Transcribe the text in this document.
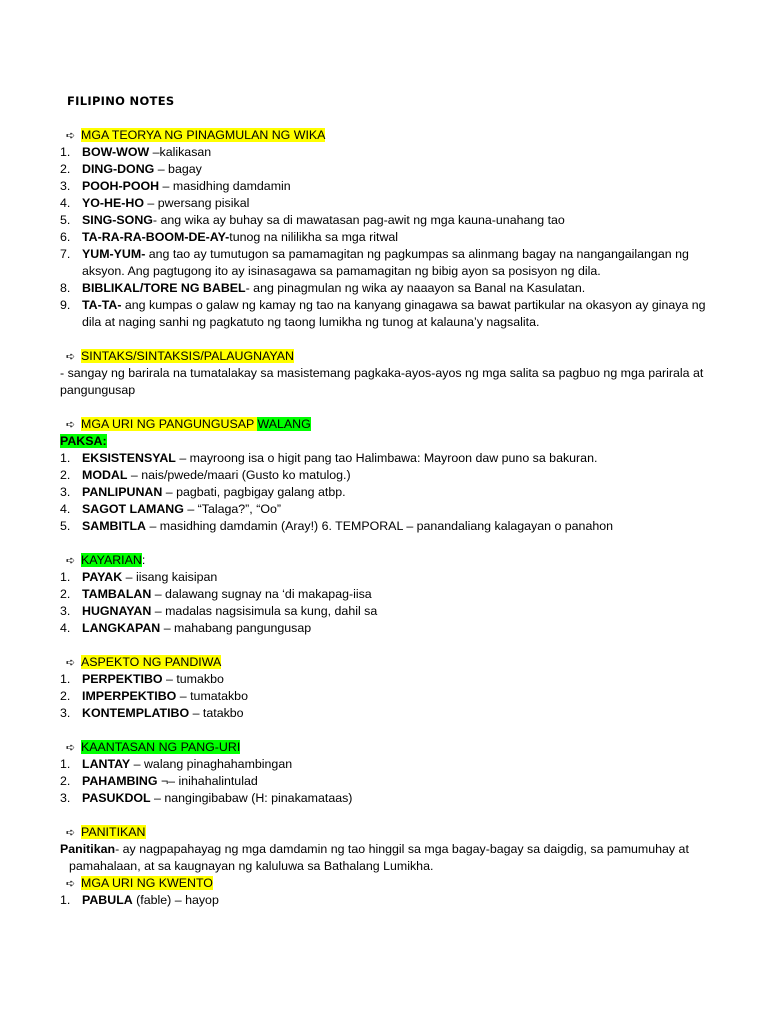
FILIPINO NOTES

➪ MGA TEORYA NG PINAGMULAN NG WIKA

1. BOW-WOW –kalikasan
2. DING-DONG – bagay
3. POOH-POOH – masidhing damdamin
4. YO-HE-HO – pwersang pisikal
5. SING-SONG- ang wika ay buhay sa di mawatasan pag-awit ng mga kauna-unahang tao
6. TA-RA-RA-BOOM-DE-AY-tunog na nililikha sa mga ritwal
7. YUM-YUM- ang tao ay tumutugon sa pamamagitan ng pagkumpas sa alinmang bagay na nangangailangan ng aksyon. Ang pagtugong ito ay isinasagawa sa pamamagitan ng bibig ayon sa posisyon ng dila.
8. BIBLIKAL/TORE NG BABEL- ang pinagmulan ng wika ay naaayon sa Banal na Kasulatan.
9. TA-TA- ang kumpas o galaw ng kamay ng tao na kanyang ginagawa sa bawat partikular na okasyon ay ginaya ng dila at naging sanhi ng pagkatuto ng taong lumikha ng tunog at kalauna’y nagsalita.

➪ SINTAKS/SINTAKSIS/PALAUGNAYAN

- sangay ng barirala na tumatalakay sa masistemang pagkaka-ayos-ayos ng mga salita sa pagbuo ng mga parirala at pangungusap

➪ MGA URI NG PANGUNGUSAP WALANG

PAKSA:

1. EKSISTENSYAL – mayroong isa o higit pang tao Halimbawa: Mayroon daw puno sa bakuran.
2. MODAL – nais/pwede/maari (Gusto ko matulog.)
3. PANLIPUNAN – pagbati, pagbigay galang atbp.
4. SAGOT LAMANG – “Talaga?”, “Oo”
5. SAMBITLA – masidhing damdamin (Aray!) 6. TEMPORAL – panandaliang kalagayan o panahon

➪ KAYARIAN:

1. PAYAK – iisang kaisipan
2. TAMBALAN – dalawang sugnay na ‘di makapag-iisa
3. HUGNAYAN – madalas nagsisimula sa kung, dahil sa
4. LANGKAPAN – mahabang pangungusap

➪ ASPEKTO NG PANDIWA

1. PERPEKTIBO – tumakbo
2. IMPERPEKTIBO – tumatakbo
3. KONTEMPLATIBO – tatakbo

➪ KAANTASAN NG PANG-URI

1. LANTAY – walang pinaghahambingan
2. PAHAMBING ¬– inihahalintulad
3. PASUKDOL – nangingibabaw (H: pinakamataas)

➪ PANITIKAN

Panitikan- ay nagpapahayag ng mga damdamin ng tao hinggil sa mga bagay-bagay sa daigdig, sa pamumuhay at pamahalaan, at sa kaugnayan ng kaluluwa sa Bathalang Lumikha.

➪ MGA URI NG KWENTO

1. PABULA (fable) – hayop
